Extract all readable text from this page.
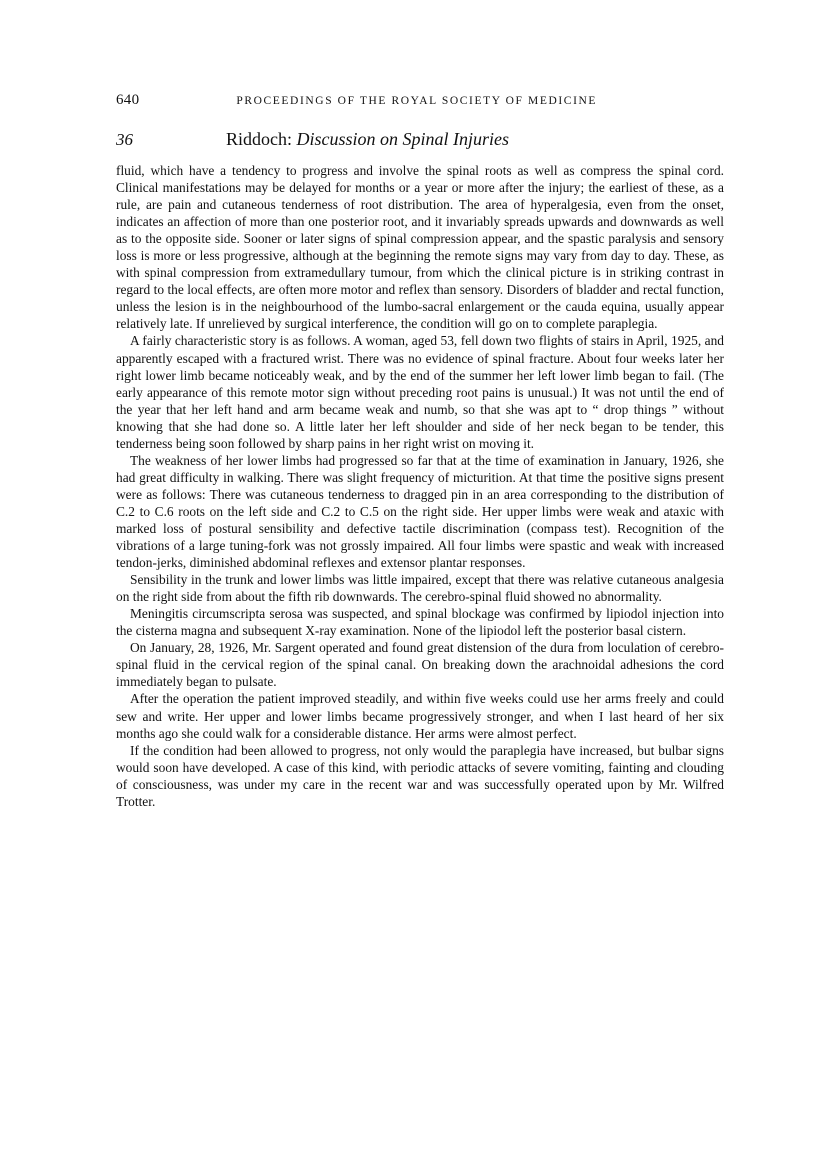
640	PROCEEDINGS OF THE ROYAL SOCIETY OF MEDICINE
36	Riddoch: Discussion on Spinal Injuries

fluid, which have a tendency to progress and involve the spinal roots as well as compress the spinal cord. Clinical manifestations may be delayed for months or a year or more after the injury; the earliest of these, as a rule, are pain and cutaneous tenderness of root distribution. The area of hyperalgesia, even from the onset, indicates an affection of more than one posterior root, and it invariably spreads upwards and downwards as well as to the opposite side. Sooner or later signs of spinal compression appear, and the spastic paralysis and sensory loss is more or less progressive, although at the beginning the remote signs may vary from day to day. These, as with spinal compression from extramedullary tumour, from which the clinical picture is in striking contrast in regard to the local effects, are often more motor and reflex than sensory. Disorders of bladder and rectal function, unless the lesion is in the neighbourhood of the lumbo-sacral enlargement or the cauda equina, usually appear relatively late. If unrelieved by surgical interference, the condition will go on to complete paraplegia.

A fairly characteristic story is as follows. A woman, aged 53, fell down two flights of stairs in April, 1925, and apparently escaped with a fractured wrist. There was no evidence of spinal fracture. About four weeks later her right lower limb became noticeably weak, and by the end of the summer her left lower limb began to fail. (The early appearance of this remote motor sign without preceding root pains is unusual.) It was not until the end of the year that her left hand and arm became weak and numb, so that she was apt to “ drop things ” without knowing that she had done so. A little later her left shoulder and side of her neck began to be tender, this tenderness being soon followed by sharp pains in her right wrist on moving it.

The weakness of her lower limbs had progressed so far that at the time of examination in January, 1926, she had great difficulty in walking. There was slight frequency of micturition. At that time the positive signs present were as follows: There was cutaneous tenderness to dragged pin in an area corresponding to the distribution of C.2 to C.6 roots on the left side and C.2 to C.5 on the right side. Her upper limbs were weak and ataxic with marked loss of postural sensibility and defective tactile discrimination (compass test). Recognition of the vibrations of a large tuning-fork was not grossly impaired. All four limbs were spastic and weak with increased tendon-jerks, diminished abdominal reflexes and extensor plantar responses.

Sensibility in the trunk and lower limbs was little impaired, except that there was relative cutaneous analgesia on the right side from about the fifth rib downwards. The cerebro-spinal fluid showed no abnormality.

Meningitis circumscripta serosa was suspected, and spinal blockage was confirmed by lipiodol injection into the cisterna magna and subsequent X-ray examination. None of the lipiodol left the posterior basal cistern.

On January, 28, 1926, Mr. Sargent operated and found great distension of the dura from loculation of cerebro-spinal fluid in the cervical region of the spinal canal. On breaking down the arachnoidal adhesions the cord immediately began to pulsate.

After the operation the patient improved steadily, and within five weeks could use her arms freely and could sew and write. Her upper and lower limbs became progressively stronger, and when I last heard of her six months ago she could walk for a considerable distance. Her arms were almost perfect.

If the condition had been allowed to progress, not only would the paraplegia have increased, but bulbar signs would soon have developed. A case of this kind, with periodic attacks of severe vomiting, fainting and clouding of consciousness, was under my care in the recent war and was successfully operated upon by Mr. Wilfred Trotter.
